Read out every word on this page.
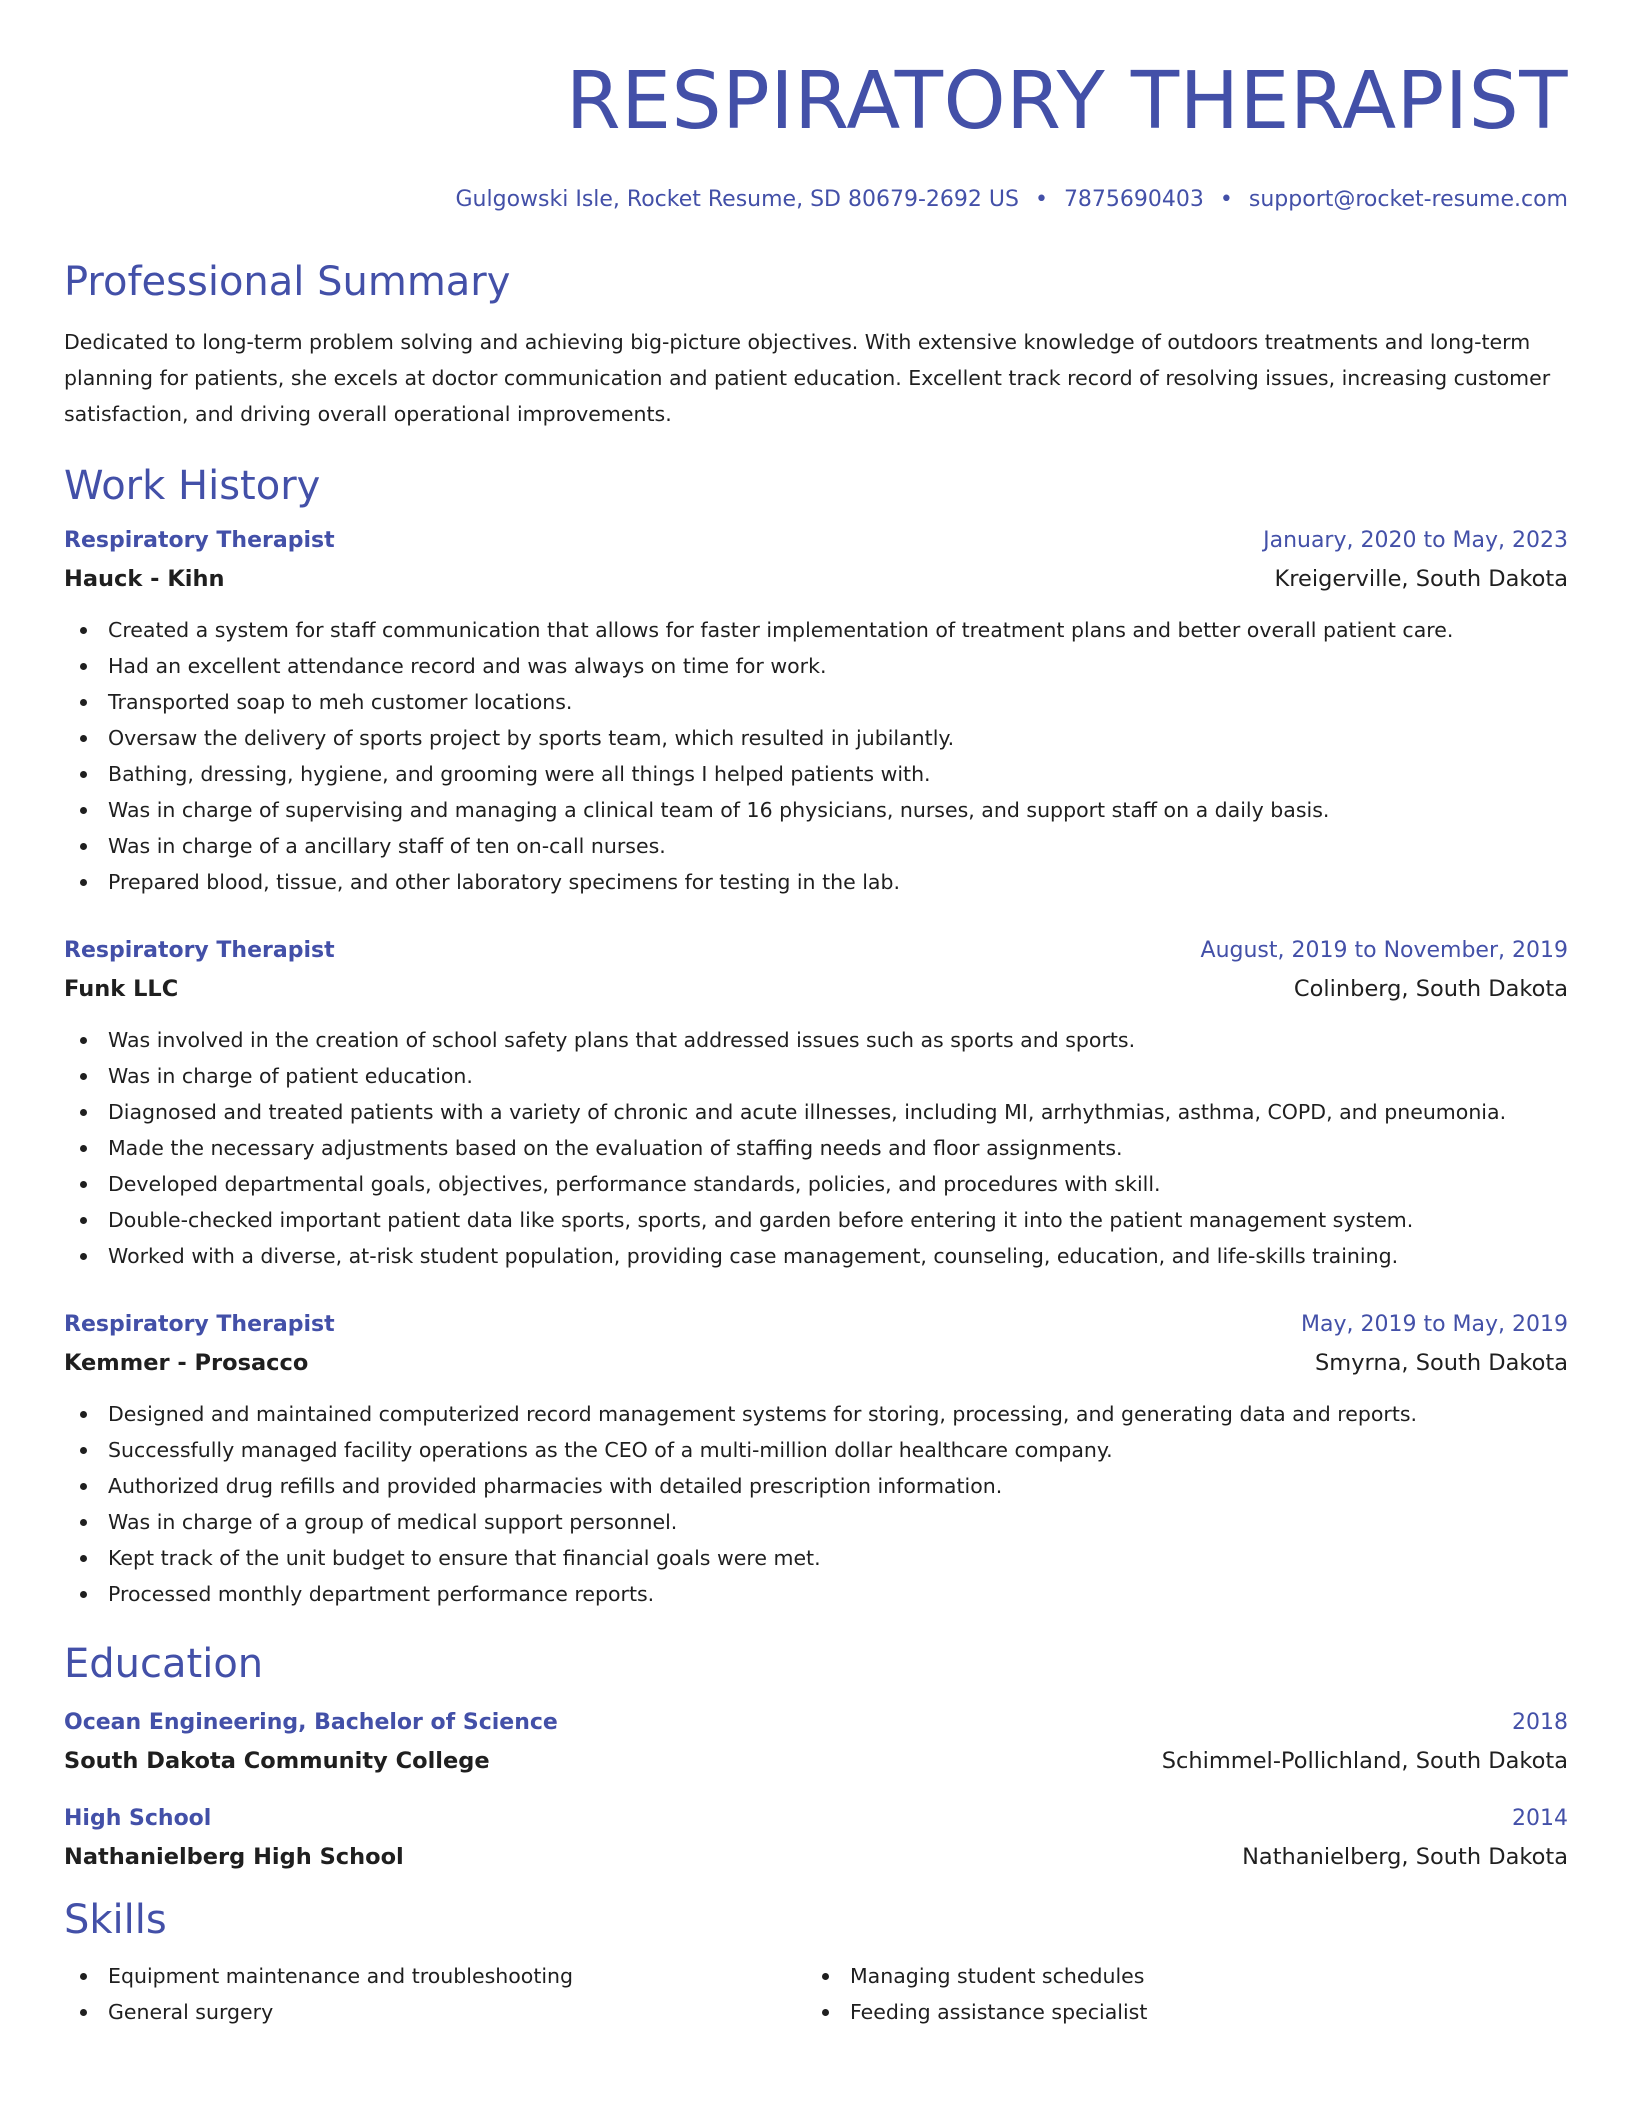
RESPIRATORY THERAPIST
Gulgowski Isle, Rocket Resume, SD 80679-2692 US • 7875690403 • support@rocket-resume.com
Professional Summary
Dedicated to long-term problem solving and achieving big-picture objectives. With extensive knowledge of outdoors treatments and long-term planning for patients, she excels at doctor communication and patient education. Excellent track record of resolving issues, increasing customer satisfaction, and driving overall operational improvements.
Work History
Respiratory Therapist	January, 2020 to May, 2023
Hauck - Kihn	Kreigerville, South Dakota
Created a system for staff communication that allows for faster implementation of treatment plans and better overall patient care.
Had an excellent attendance record and was always on time for work.
Transported soap to meh customer locations.
Oversaw the delivery of sports project by sports team, which resulted in jubilantly.
Bathing, dressing, hygiene, and grooming were all things I helped patients with.
Was in charge of supervising and managing a clinical team of 16 physicians, nurses, and support staff on a daily basis.
Was in charge of a ancillary staff of ten on-call nurses.
Prepared blood, tissue, and other laboratory specimens for testing in the lab.
Respiratory Therapist	August, 2019 to November, 2019
Funk LLC	Colinberg, South Dakota
Was involved in the creation of school safety plans that addressed issues such as sports and sports.
Was in charge of patient education.
Diagnosed and treated patients with a variety of chronic and acute illnesses, including MI, arrhythmias, asthma, COPD, and pneumonia.
Made the necessary adjustments based on the evaluation of staffing needs and floor assignments.
Developed departmental goals, objectives, performance standards, policies, and procedures with skill.
Double-checked important patient data like sports, sports, and garden before entering it into the patient management system.
Worked with a diverse, at-risk student population, providing case management, counseling, education, and life-skills training.
Respiratory Therapist	May, 2019 to May, 2019
Kemmer - Prosacco	Smyrna, South Dakota
Designed and maintained computerized record management systems for storing, processing, and generating data and reports.
Successfully managed facility operations as the CEO of a multi-million dollar healthcare company.
Authorized drug refills and provided pharmacies with detailed prescription information.
Was in charge of a group of medical support personnel.
Kept track of the unit budget to ensure that financial goals were met.
Processed monthly department performance reports.
Education
Ocean Engineering, Bachelor of Science	2018
South Dakota Community College	Schimmel-Pollichland, South Dakota
High School	2014
Nathanielberg High School	Nathanielberg, South Dakota
Skills
Equipment maintenance and troubleshooting
General surgery
Managing student schedules
Feeding assistance specialist
